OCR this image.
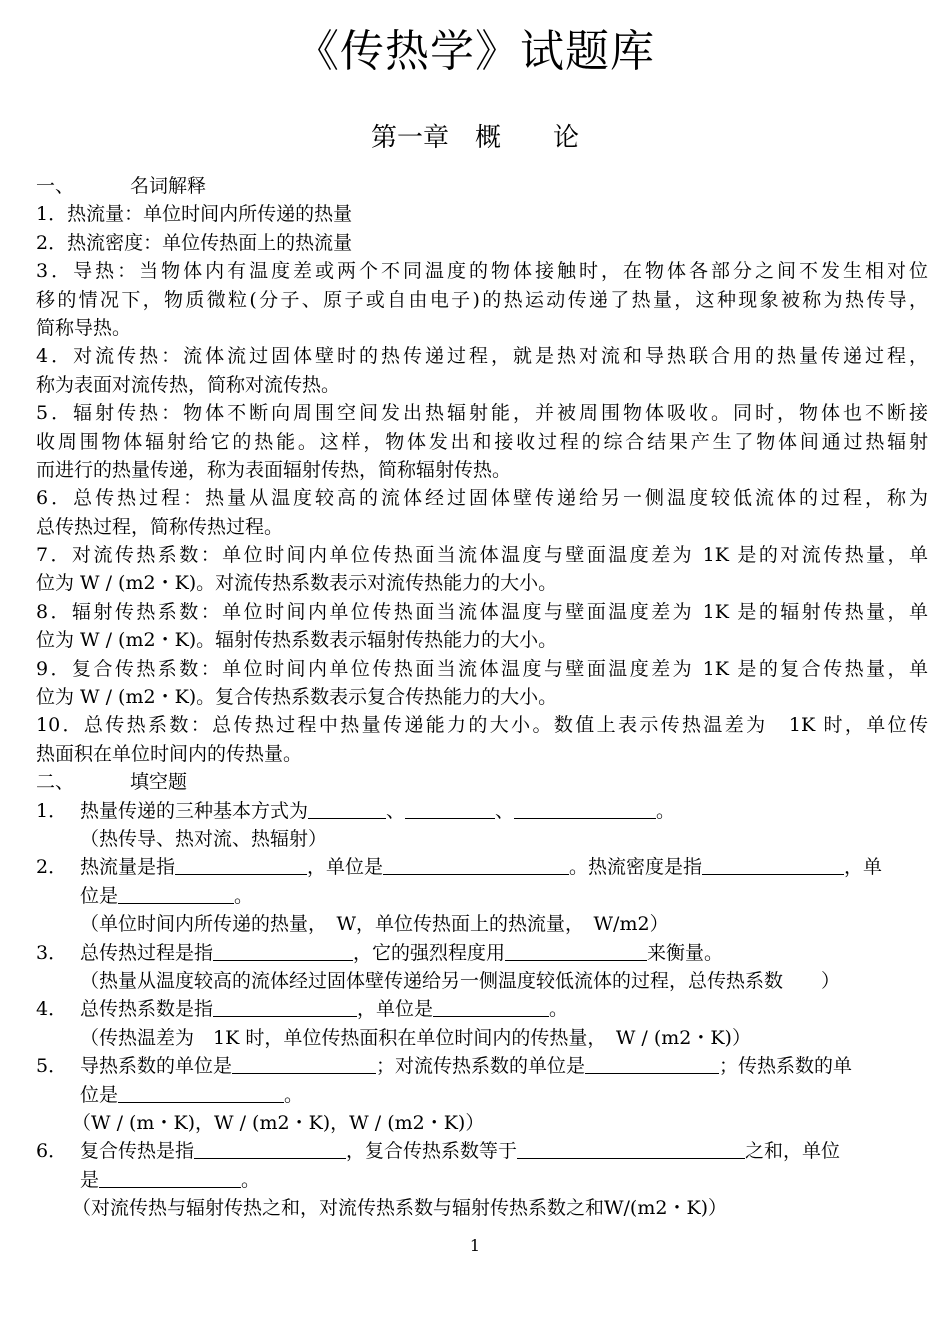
《传热学》试题库
第一章　概　　论
一、	名词解释
1．热流量：单位时间内所传递的热量
2．热流密度：单位传热面上的热流量
3．导热：当物体内有温度差或两个不同温度的物体接触时，在物体各部分之间不发生相对位
移的情况下，物质微粒(分子、原子或自由电子)的热运动传递了热量，这种现象被称为热传导，
简称导热。
4．对流传热：流体流过固体壁时的热传递过程，就是热对流和导热联合用的热量传递过程，
称为表面对流传热，简称对流传热。
5．辐射传热：物体不断向周围空间发出热辐射能，并被周围物体吸收。同时，物体也不断接
收周围物体辐射给它的热能。这样，物体发出和接收过程的综合结果产生了物体间通过热辐射
而进行的热量传递，称为表面辐射传热，简称辐射传热。
6．总传热过程：热量从温度较高的流体经过固体壁传递给另一侧温度较低流体的过程，称为
总传热过程，简称传热过程。
7．对流传热系数：单位时间内单位传热面当流体温度与壁面温度差为 1K 是的对流传热量，单
位为 W / (m2・K)。对流传热系数表示对流传热能力的大小。
8．辐射传热系数：单位时间内单位传热面当流体温度与壁面温度差为 1K 是的辐射传热量，单
位为 W / (m2・K)。辐射传热系数表示辐射传热能力的大小。
9．复合传热系数：单位时间内单位传热面当流体温度与壁面温度差为 1K 是的复合传热量，单
位为 W / (m2・K)。复合传热系数表示复合传热能力的大小。
10．总传热系数：总传热过程中热量传递能力的大小。数值上表示传热温差为　1K 时，单位传
热面积在单位时间内的传热量。
二、	填空题
1． 热量传递的三种基本方式为	、	、	。
（热传导、热对流、热辐射）
2． 热流量是指	，单位是	。热流密度是指	，单
位是	。
（单位时间内所传递的热量，　W，单位传热面上的热流量，　W/m2）
3． 总传热过程是指	，它的强烈程度用	来衡量。
（热量从温度较高的流体经过固体壁传递给另一侧温度较低流体的过程，总传热系数　　）
4． 总传热系数是指	，单位是	。
（传热温差为　1K 时，单位传热面积在单位时间内的传热量，　W / (m2・K)）
5． 导热系数的单位是	；对流传热系数的单位是	；传热系数的单
位是	。
（W / (m・K)，W / (m2・K)，W / (m2・K)）
6． 复合传热是指	，复合传热系数等于	之和，单位
是	。
（对流传热与辐射传热之和，对流传热系数与辐射传热系数之和W/(m2・K)）
1
